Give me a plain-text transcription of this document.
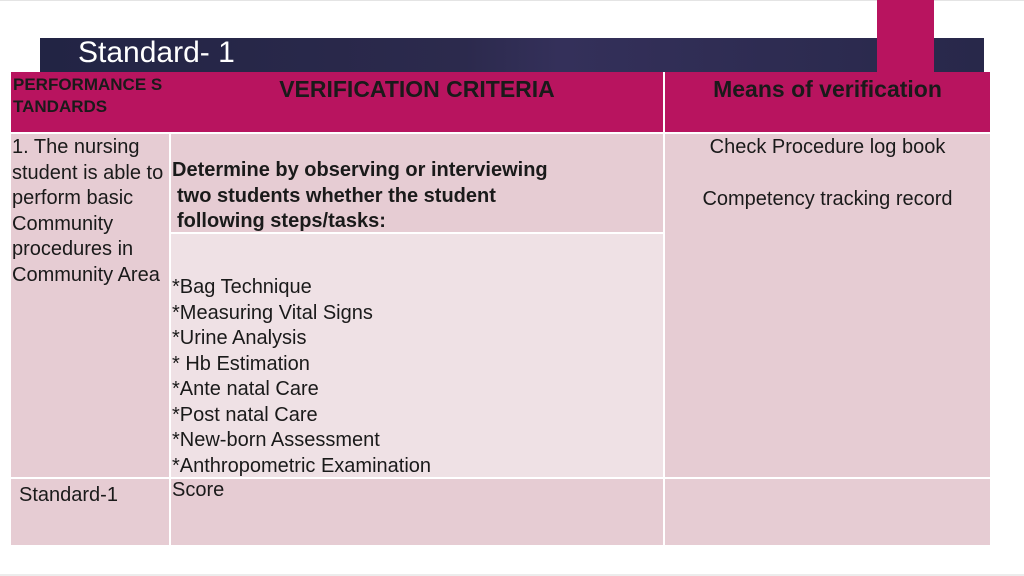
Standard- 1
PERFORMANCE STANDARDS
VERIFICATION CRITERIA	Means of verification
1. The nursing student is able to perform basic Community procedures in Community Area
Determine by observing or interviewing
two students whether the student
following steps/tasks:
*Bag Technique
*Measuring Vital Signs
*Urine Analysis
* Hb Estimation
*Ante natal Care
*Post natal Care
*New-born Assessment
*Anthropometric Examination
Check Procedure log book
Competency tracking record
Standard-1	Score
